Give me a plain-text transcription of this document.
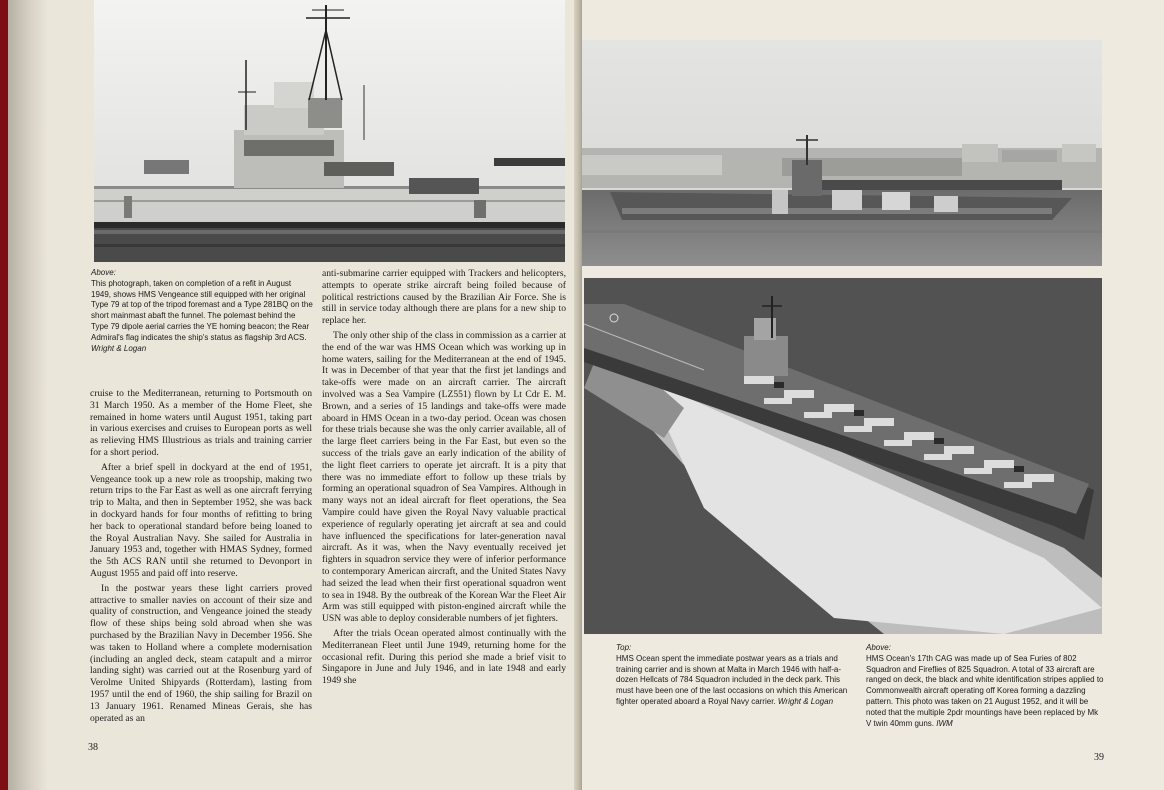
Above:
This photograph, taken on completion of a refit in August 1949, shows HMS Vengeance still equipped with her original Type 79 at top of the tripod foremast and a Type 281BQ on the short mainmast abaft the funnel. The polemast behind the Type 79 dipole aerial carries the YE homing beacon; the Rear Admiral's flag indicates the ship's status as flagship 3rd ACS. Wright & Logan

cruise to the Mediterranean, returning to Portsmouth on 31 March 1950. As a member of the Home Fleet, she remained in home waters until August 1951, taking part in various exercises and cruises to European ports as well as relieving HMS Illustrious as trials and training carrier for a short period.

After a brief spell in dockyard at the end of 1951, Vengeance took up a new role as troopship, making two return trips to the Far East as well as one aircraft ferrying trip to Malta, and then in September 1952, she was back in dockyard hands for four months of refitting to bring her back to operational standard before being loaned to the Royal Australian Navy. She sailed for Australia in January 1953 and, together with HMAS Sydney, formed the 5th ACS RAN until she returned to Devonport in August 1955 and paid off into reserve.

In the postwar years these light carriers proved attractive to smaller navies on account of their size and quality of construction, and Vengeance joined the steady flow of these ships being sold abroad when she was purchased by the Brazilian Navy in December 1956. She was taken to Holland where a complete modernisation (including an angled deck, steam catapult and a mirror landing sight) was carried out at the Rosenburg yard of Verolme United Shipyards (Rotterdam), lasting from 1957 until the end of 1960, the ship sailing for Brazil on 13 January 1961. Renamed Mineas Gerais, she has operated as an

anti-submarine carrier equipped with Trackers and helicopters, attempts to operate strike aircraft being foiled because of political restrictions caused by the Brazilian Air Force. She is still in service today although there are plans for a new ship to replace her.

The only other ship of the class in commission as a carrier at the end of the war was HMS Ocean which was working up in home waters, sailing for the Mediterranean at the end of 1945. It was in December of that year that the first jet landings and take-offs were made on an aircraft carrier. The aircraft involved was a Sea Vampire (LZ551) flown by Lt Cdr E. M. Brown, and a series of 15 landings and take-offs were made aboard in HMS Ocean in a two-day period. Ocean was chosen for these trials because she was the only carrier available, all of the large fleet carriers being in the Far East, but even so the success of the trials gave an early indication of the ability of the light fleet carriers to operate jet aircraft. It is a pity that there was no immediate effort to follow up these trials by forming an operational squadron of Sea Vampires. Although in many ways not an ideal aircraft for fleet operations, the Sea Vampire could have given the Royal Navy valuable practical experience of regularly operating jet aircraft at sea and could have influenced the specifications for later-generation naval aircraft. As it was, when the Navy eventually received jet fighters in squadron service they were of inferior performance to contemporary American aircraft, and the United States Navy had seized the lead when their first operational squadron went to sea in 1948. By the outbreak of the Korean War the Fleet Air Arm was still equipped with piston-engined aircraft while the USN was able to deploy considerable numbers of jet fighters.

After the trials Ocean operated almost continually with the Mediterranean Fleet until June 1949, returning home for the occasional refit. During this period she made a brief visit to Singapore in June and July 1946, and in late 1948 and early 1949 she

38
Top:
HMS Ocean spent the immediate postwar years as a trials and training carrier and is shown at Malta in March 1946 with half-a-dozen Hellcats of 784 Squadron included in the deck park. This must have been one of the last occasions on which this American fighter operated aboard a Royal Navy carrier. Wright & Logan
Above:
HMS Ocean's 17th CAG was made up of Sea Furies of 802 Squadron and Fireflies of 825 Squadron. A total of 33 aircraft are ranged on deck, the black and white identification stripes applied to Commonwealth aircraft operating off Korea forming a dazzling pattern. This photo was taken on 21 August 1952, and it will be noted that the multiple 2pdr mountings have been replaced by Mk V twin 40mm guns. IWM
39
